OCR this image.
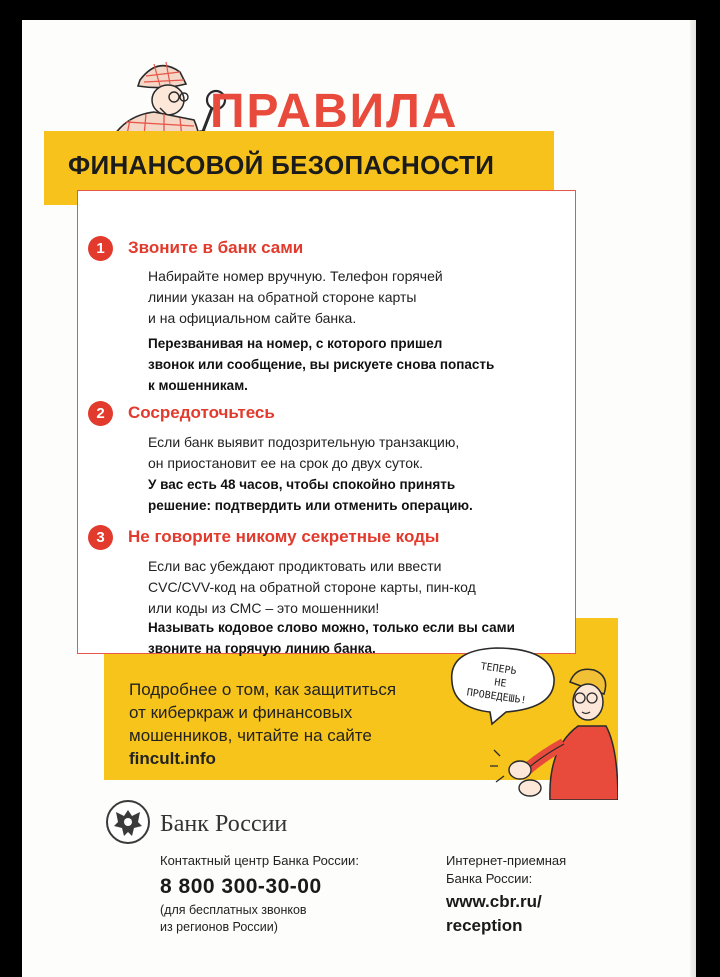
ПРАВИЛА
ФИНАНСОВОЙ БЕЗОПАСНОСТИ
1	Звоните в банк сами
Набирайте номер вручную. Телефон горячей
линии указан на обратной стороне карты
и на официальном сайте банка.
Перезванивая на номер, с которого пришел
звонок или сообщение, вы рискуете снова попасть
к мошенникам.
2	Сосредоточьтесь
Если банк выявит подозрительную транзакцию,
он приостановит ее на срок до двух суток.
У вас есть 48 часов, чтобы спокойно принять
решение: подтвердить или отменить операцию.
3	Не говорите никому секретные коды
Если вас убеждают продиктовать или ввести
CVC/CVV-код на обратной стороне карты, пин-код
или коды из СМС – это мошенники!
Называть кодовое слово можно, только если вы сами
звоните на горячую линию банка.
Подробнее о том, как защититься
от киберкраж и финансовых
мошенников, читайте на сайте
fincult.info
ТЕПЕРЬ
НЕ
ПРОВЕДЕШЬ!
Банк России
Контактный центр Банка России:
8 800 300-30-00
(для бесплатных звонков
из регионов России)
Интернет-приемная
Банка России:
www.cbr.ru/
reception
